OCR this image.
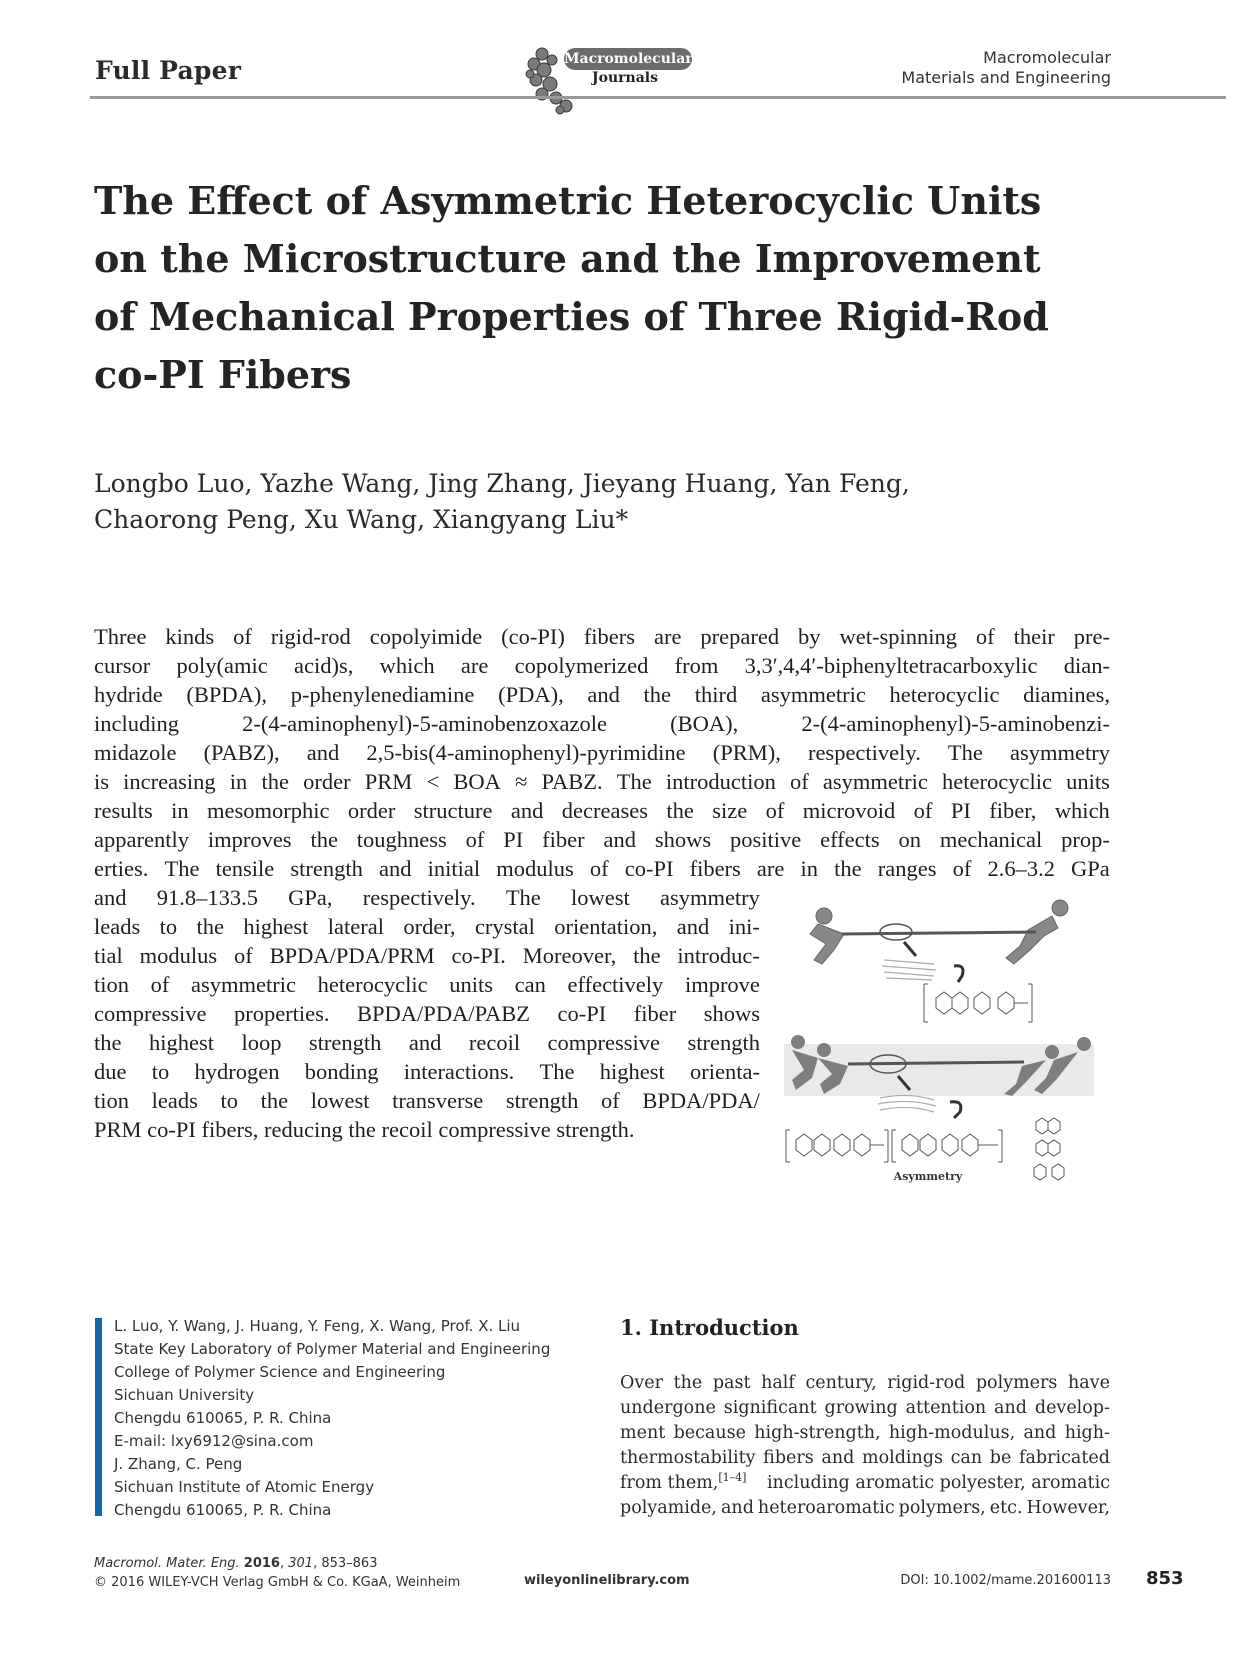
Full Paper	Macromolecular
Journals
Macromolecular
Materials and Engineering
The Effect of Asymmetric Heterocyclic Units
on the Microstructure and the Improvement
of Mechanical Properties of Three Rigid-Rod
co-PI Fibers
Longbo Luo, Yazhe Wang, Jing Zhang, Jieyang Huang, Yan Feng,
Chaorong Peng, Xu Wang, Xiangyang Liu*
Three kinds of rigid-rod copolyimide (co-PI) fibers are prepared by wet-spinning of their pre-
cursor poly(amic acid)s, which are copolymerized from 3,3′,4,4′-biphenyltetracarboxylic dian-
hydride (BPDA), p-phenylenediamine (PDA), and the third asymmetric heterocyclic diamines,
including	2-(4-aminophenyl)-5-aminobenzoxazole	(BOA),	2-(4-aminophenyl)-5-aminobenzi-
midazole (PABZ), and 2,5-bis(4-aminophenyl)-pyrimidine (PRM), respectively. The asymmetry
is increasing in the order PRM < BOA ≈ PABZ. The introduction of asymmetric heterocyclic units
results in mesomorphic order structure and decreases the size of microvoid of PI fiber, which
apparently improves the toughness of PI fiber and shows positive effects on mechanical prop-
erties. The tensile strength and initial modulus of co-PI fibers are in the ranges of 2.6–3.2 GPa
and 91.8–133.5 GPa, respectively. The lowest asymmetry
leads to the highest lateral order, crystal orientation, and ini-
tial modulus of BPDA/PDA/PRM co-PI. Moreover, the introduc-
tion of asymmetric heterocyclic units can effectively improve
compressive properties. BPDA/PDA/PABZ co-PI fiber shows
the highest loop strength and recoil compressive strength
due to hydrogen bonding interactions. The highest orienta-
tion leads to the lowest transverse strength of BPDA/PDA/
PRM co-PI fibers, reducing the recoil compressive strength.
Asymmetry
L. Luo, Y. Wang, J. Huang, Y. Feng, X. Wang, Prof. X. Liu
State Key Laboratory of Polymer Material and Engineering
College of Polymer Science and Engineering
Sichuan University
Chengdu 610065, P. R. China
E-mail: lxy6912@sina.com
J. Zhang, C. Peng
Sichuan Institute of Atomic Energy
Chengdu 610065, P. R. China
1. Introduction
Over the past half century, rigid-rod polymers have
undergone significant growing attention and develop-
ment because high-strength, high-modulus, and high-
thermostability fibers and moldings can be fabricated
from them,[1–4] including aromatic polyester, aromatic
polyamide, and heteroaromatic polymers, etc. However,
Macromol. Mater. Eng. 2016, 301, 853–863
© 2016 WILEY-VCH Verlag GmbH & Co. KGaA, Weinheim	wileyonlinelibrary.com	DOI: 10.1002/mame.201600113 853
